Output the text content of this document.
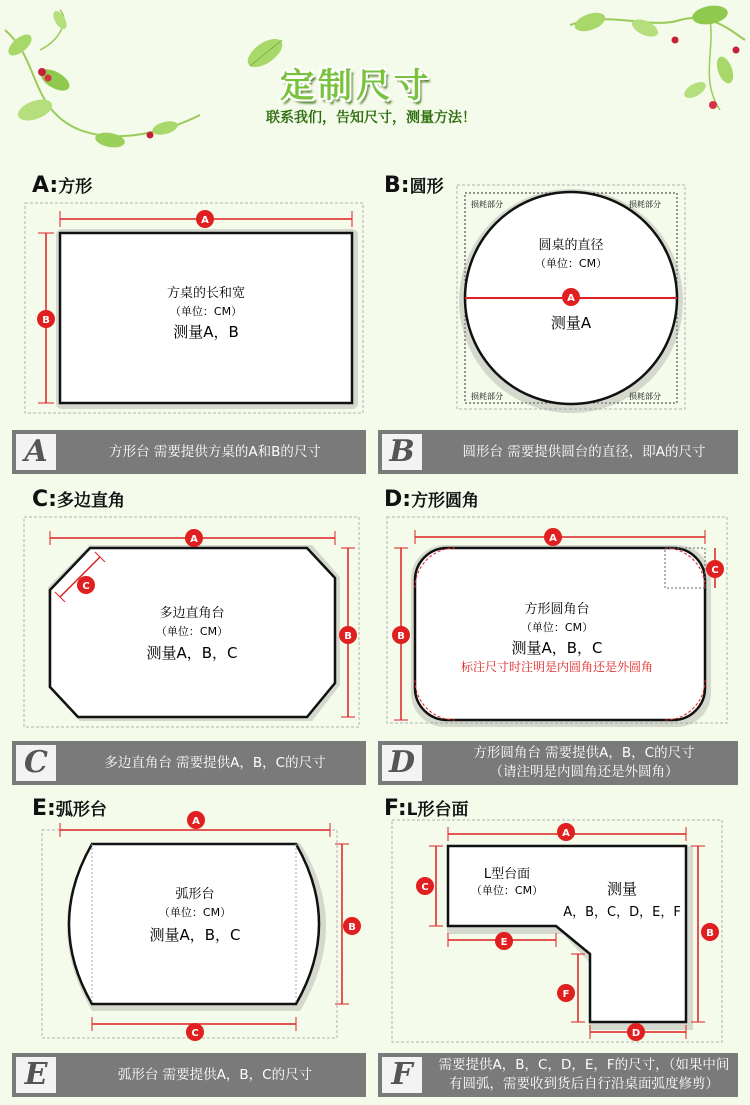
定制尺寸
联系我们，告知尺寸，测量方法！
A:方形
A
B
方桌的长和宽
（单位：CM）
测量A，B
A	方形台 需要提供方桌的A和B的尺寸
B:圆形
A
损耗部分	损耗部分
损耗部分	损耗部分
圆桌的直径
（单位：CM）
测量A
B	圆形台 需要提供圆台的直径，即A的尺寸
C:多边直角
A
B
C
多边直角台
（单位：CM）
测量A，B，C
C	多边直角台 需要提供A，B，C的尺寸
D:方形圆角
A
B
C
方形圆角台
（单位：CM）
测量A，B，C
标注尺寸时注明是内圆角还是外圆角
D	方形圆角台 需要提供A，B，C的尺寸
（请注明是内圆角还是外圆角）
E:弧形台
A
B
C
弧形台
（单位：CM）
测量A，B，C
E	弧形台 需要提供A，B，C的尺寸
F:L形台面
A
B
C
D
E
F
L型台面
（单位：CM）	测量
A，B，C，D，E，F
F	需要提供A，B，C，D，E，F的尺寸，（如果中间
有圆弧，需要收到货后自行沿桌面弧度修剪）
